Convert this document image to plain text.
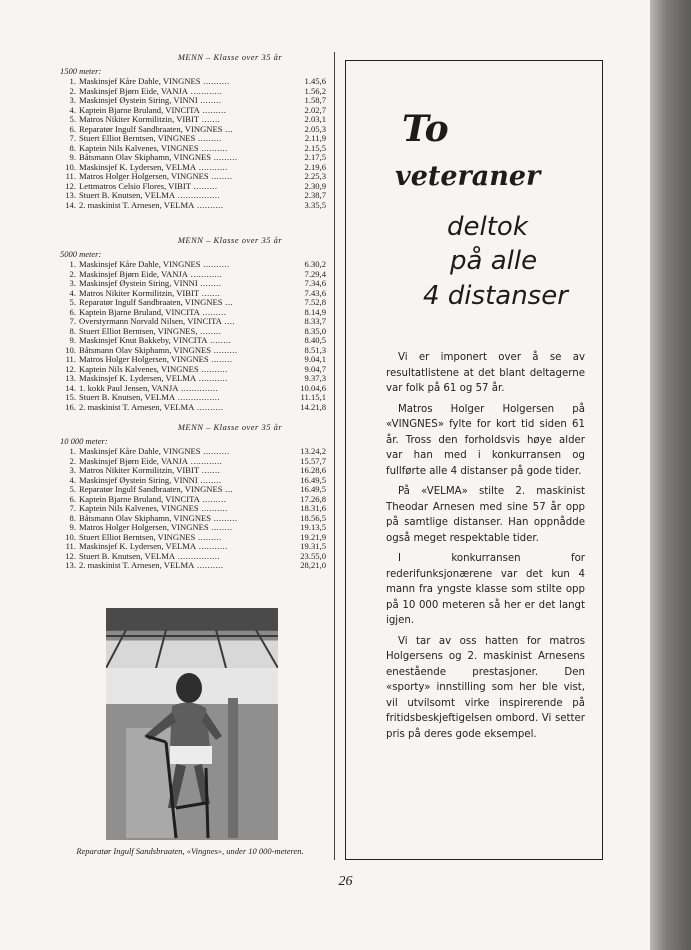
MENN – Klasse over 35 år
1500 meter:
1.	Maskinsjef Kåre Dahle, VINGNES ..........	1.45,6
2.	Maskinsjef Bjørn Eide, VANJA ............	1.56,2
3.	Maskinsjef Øystein Siring, VINNI ........	1.58,7
4.	Kaptein Bjarne Bruland, VINCITA .........	2.02,7
5.	Matros Nikiter Kormilitzin, VIBIT .......	2.03,1
6.	Reparatør Ingulf Sandbraaten, VINGNES ...	2.05,3
7.	Stuert Elliot Berntsen, VINGNES .........	2.11,9
8.	Kaptein Nils Kalvenes, VINGNES ..........	2.15,5
9.	Båtsmann Olav Skiphamn, VINGNES .........	2.17,5
10.	Maskinsjef K. Lydersen, VELMA ...........	2.19,6
11.	Matros Holger Holgersen, VINGNES ........	2.25,3
12.	Lettmatros Celsio Flores, VIBIT .........	2.30,9
13.	Stuert B. Knutsen, VELMA ................	2.38,7
14.	2. maskinist T. Arnesen, VELMA ..........	3.35,5
MENN – Klasse over 35 år
5000 meter:
1.	Maskinsjef Kåre Dahle, VINGNES ..........	6.30,2
2.	Maskinsjef Bjørn Eide, VANJA ............	7.29,4
3.	Maskinsjef Øystein Siring, VINNI ........	7.34,6
4.	Matros Nikiter Kormilitzin, VIBIT .......	7.43,6
5.	Reparatør Ingulf Sandbraaten, VINGNES ...	7.52,8
6.	Kaptein Bjarne Bruland, VINCITA .........	8.14,9
7.	Overstyrmann Norvald Nilsen, VINCITA ....	8.33,7
8.	Stuert Elliot Berntsen, VINGNES, ........	8.35,0
9.	Maskinsjef Knut Bakkeby, VINCITA ........	8.40,5
10.	Båtsmann Olav Skiphamn, VINGNES .........	8.51,3
11.	Matros Holger Holgersen, VINGNES ........	9.04,1
12.	Kaptein Nils Kalvenes, VINGNES ..........	9.04,7
13.	Maskinsjef K. Lydersen, VELMA ...........	9.37,3
14.	1. kokk Paul Jensen, VANJA ..............	10.04,6
15.	Stuert B. Knutsen, VELMA ................	11.15,1
16.	2. maskinist T. Arnesen, VELMA ..........	14.21,8
MENN – Klasse over 35 år
10 000 meter:
1.	Maskinsjef Kåre Dahle, VINGNES ..........	13.24,2
2.	Maskinsjef Bjørn Eide, VANJA ............	15.57,7
3.	Matros Nikiter Kormilitzin, VIBIT .......	16.28,6
4.	Maskinsjef Øystein Siring, VINNI ........	16.49,5
5.	Reparatør Ingulf Sandbraaten, VINGNES ...	16.49,5
6.	Kaptein Bjarne Bruland, VINCITA .........	17.26,8
7.	Kaptein Nils Kalvenes, VINGNES ..........	18.31,6
8.	Båtsmann Olav Skiphamn, VINGNES .........	18.56,5
9.	Matros Holger Holgersen, VINGNES ........	19.13,5
10.	Stuert Elliot Berntsen, VINGNES .........	19.21,9
11.	Maskinsjef K. Lydersen, VELMA ...........	19.31,5
12.	Stuert B. Knutsen, VELMA ................	23.55,0
13.	2. maskinist T. Arnesen, VELMA ..........	28,21,0
Reparatør Ingulf Sandsbraaten, «Vingnes», under 10 000-meteren.
To
veteraner
deltok
på alle
4 distanser

Vi er imponert over å se av resultatlistene at det blant deltagerne var folk på 61 og 57 år.

Matros Holger Holgersen på «VINGNES» fylte for kort tid siden 61 år. Tross den forholdsvis høye alder var han med i konkurransen og fullførte alle 4 distanser på gode tider.

På «VELMA» stilte 2. maskinist Theodar Arnesen med sine 57 år opp på samtlige distanser. Han oppnådde også meget respektable tider.

I konkurransen for rederifunksjonærene var det kun 4 mann fra yngste klasse som stilte opp på 10 000 meteren så her er det langt igjen.

Vi tar av oss hatten for matros Holgersens og 2. maskinist Arnesens enestående prestasjoner. Den «sporty» innstilling som her ble vist, vil utvilsomt virke inspirerende på fritidsbeskjeftigelsen ombord. Vi setter pris på deres gode eksempel.

26
